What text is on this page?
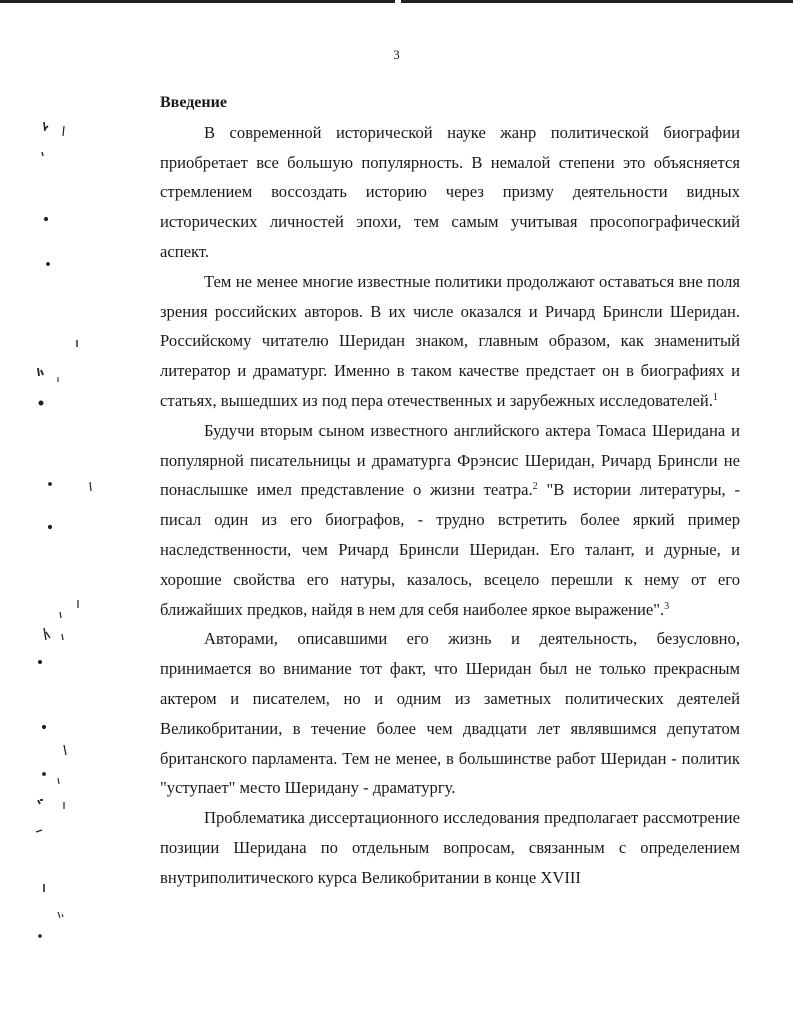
3
Введение

В современной исторической науке жанр политической биографии приобретает все большую популярность. В немалой степени это объясняется стремлением воссоздать историю через призму деятельности видных исторических личностей эпохи, тем самым учитывая просопографический аспект.

Тем не менее многие известные политики продолжают оставаться вне поля зрения российских авторов. В их числе оказался и Ричард Бринсли Шеридан. Российскому читателю Шеридан знаком, главным образом, как знаменитый литератор и драматург. Именно в таком качестве предстает он в биографиях и статьях, вышедших из под пера отечественных и зарубежных исследователей.$^1$

Будучи вторым сыном известного английского актера Томаса Шеридана и популярной писательницы и драматурга Фрэнсис Шеридан, Ричард Бринсли не понаслышке имел представление о жизни театра.$^2$ "В истории литературы, - писал один из его биографов, - трудно встретить более яркий пример наследственности, чем Ричард Бринсли Шеридан. Его талант, и дурные, и хорошие свойства его натуры, казалось, всецело перешли к нему от его ближайших предков, найдя в нем для себя наиболее яркое выражение".$^3$

Авторами, описавшими его жизнь и деятельность, безусловно, принимается во внимание тот факт, что Шеридан был не только прекрасным актером и писателем, но и одним из заметных политических деятелей Великобритании, в течение более чем двадцати лет являвшимся депутатом британского парламента. Тем не менее, в большинстве работ Шеридан - политик "уступает" место Шеридану - драматургу.

Проблематика диссертационного исследования предполагает рассмотрение позиции Шеридана по отдельным вопросам, связанным с определением внутриполитического курса Великобритании в конце XVIII
